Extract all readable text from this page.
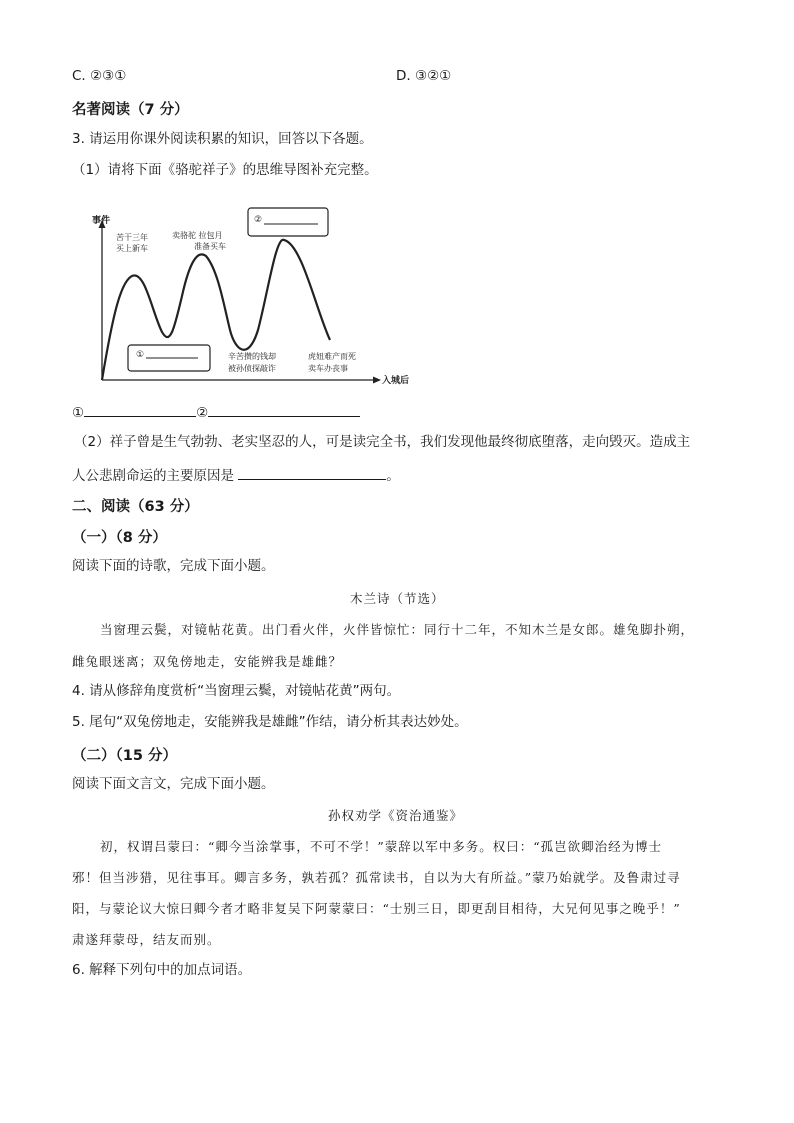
C. ②③①	D. ③②①
名著阅读（7 分）
3. 请运用你课外阅读积累的知识，回答以下各题。
（1）请将下面《骆驼祥子》的思维导图补充完整。
事件
入城后
苦干三年
买上新车
卖骆驼 拉包月
准备买车
辛苦攒的钱却
被孙侦探敲诈
虎妞难产而死
卖车办丧事
①
②
①	②
（2）祥子曾是生气勃勃、老实坚忍的人，可是读完全书，我们发现他最终彻底堕落，走向毁灭。造成主
人公悲剧命运的主要原因是	。
二、阅读（63 分）
（一）（8 分）
阅读下面的诗歌，完成下面小题。
木兰诗（节选）
当窗理云鬓，对镜帖花黄。出门看火伴，火伴皆惊忙：同行十二年，不知木兰是女郎。雄兔脚扑朔，
雌兔眼迷离；双兔傍地走，安能辨我是雄雌？
4. 请从修辞角度赏析“当窗理云鬓，对镜帖花黄”两句。
5. 尾句“双兔傍地走，安能辨我是雄雌”作结，请分析其表达妙处。
（二）（15 分）
阅读下面文言文，完成下面小题。
孙权劝学《资治通鉴》
初，权谓吕蒙曰：“卿今当涂掌事，不可不学！”蒙辞以军中多务。权曰：“孤岂欲卿治经为博士
邪！但当涉猎，见往事耳。卿言多务，孰若孤？孤常读书，自以为大有所益。”蒙乃始就学。及鲁肃过寻
阳，与蒙论议大惊曰卿今者才略非复吴下阿蒙蒙曰：“士别三日，即更刮目相待，大兄何见事之晚乎！”
肃遂拜蒙母，结友而别。
6. 解释下列句中的加点词语。
